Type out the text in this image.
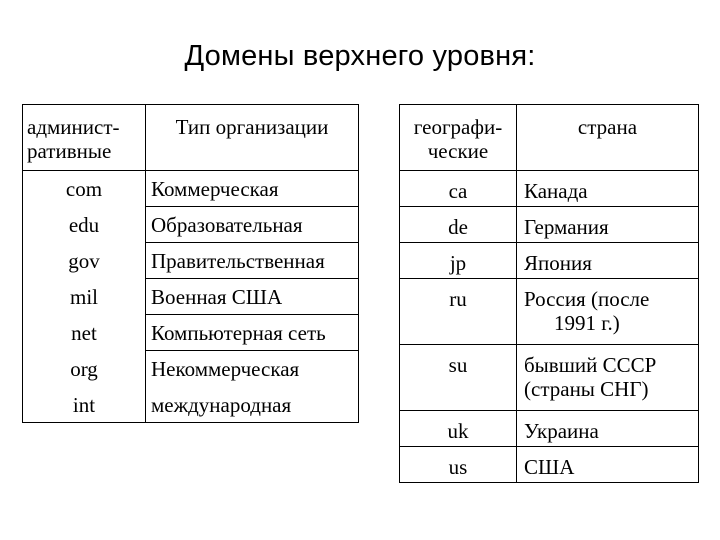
Домены верхнего уровня:
админист-
ративные	Тип организации
com	Коммерческая
edu	Образовательная
gov	Правительственная
mil	Военная США
net	Компьютерная сеть
org	Некоммерческая
int	международная
географи-
ческие	страна
ca	Канада
de	Германия
jp	Япония
ru	Россия (после
1991 г.)
su	бывший СССР
(страны СНГ)
uk	Украина
us	США
